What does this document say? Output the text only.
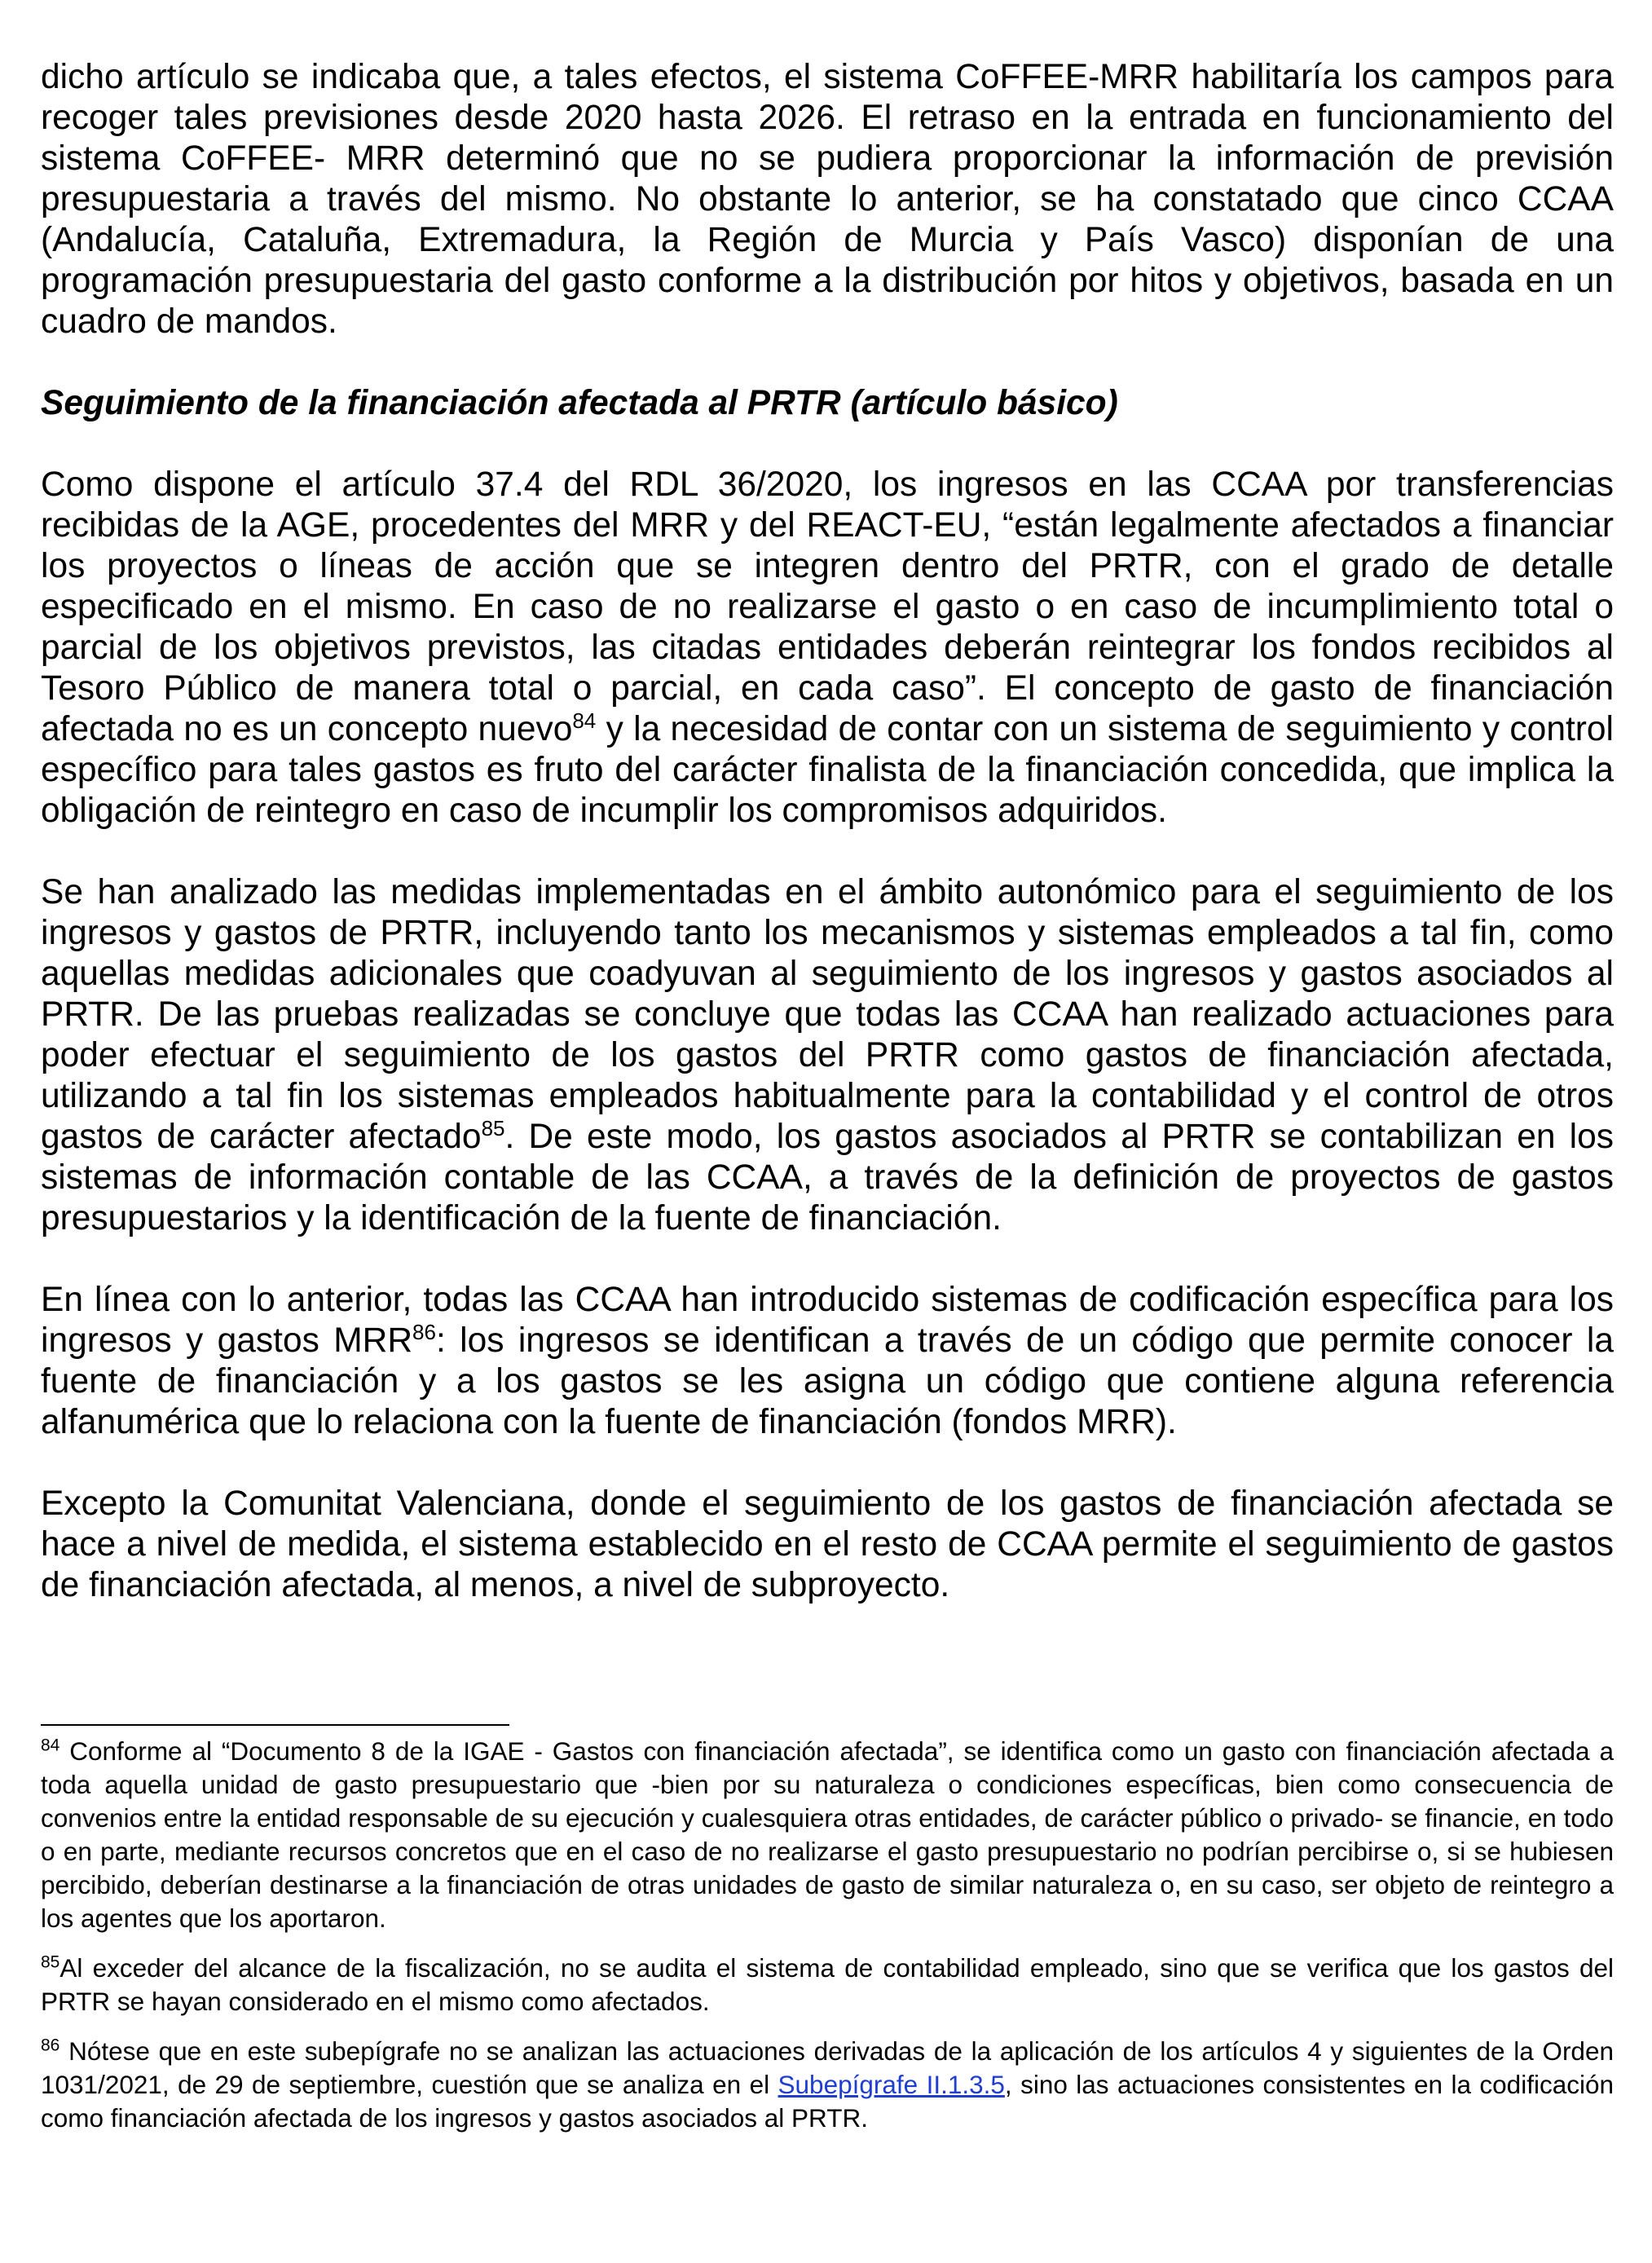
dicho artículo se indicaba que, a tales efectos, el sistema CoFFEE-MRR habilitaría los campos para recoger tales previsiones desde 2020 hasta 2026. El retraso en la entrada en funcionamiento del sistema CoFFEE- MRR determinó que no se pudiera proporcionar la información de previsión presupuestaria a través del mismo. No obstante lo anterior, se ha constatado que cinco CCAA (Andalucía, Cataluña, Extremadura, la Región de Murcia y País Vasco) disponían de una programación presupuestaria del gasto conforme a la distribución por hitos y objetivos, basada en un cuadro de mandos.

Seguimiento de la financiación afectada al PRTR (artículo básico)

Como dispone el artículo 37.4 del RDL 36/2020, los ingresos en las CCAA por transferencias recibidas de la AGE, procedentes del MRR y del REACT-EU, “están legalmente afectados a financiar los proyectos o líneas de acción que se integren dentro del PRTR, con el grado de detalle especificado en el mismo. En caso de no realizarse el gasto o en caso de incumplimiento total o parcial de los objetivos previstos, las citadas entidades deberán reintegrar los fondos recibidos al Tesoro Público de manera total o parcial, en cada caso”. El concepto de gasto de financiación afectada no es un concepto nuevo$^{84}$ y la necesidad de contar con un sistema de seguimiento y control específico para tales gastos es fruto del carácter finalista de la financiación concedida, que implica la obligación de reintegro en caso de incumplir los compromisos adquiridos.

Se han analizado las medidas implementadas en el ámbito autonómico para el seguimiento de los ingresos y gastos de PRTR, incluyendo tanto los mecanismos y sistemas empleados a tal fin, como aquellas medidas adicionales que coadyuvan al seguimiento de los ingresos y gastos asociados al PRTR. De las pruebas realizadas se concluye que todas las CCAA han realizado actuaciones para poder efectuar el seguimiento de los gastos del PRTR como gastos de financiación afectada, utilizando a tal fin los sistemas empleados habitualmente para la contabilidad y el control de otros gastos de carácter afectado$^{85}$. De este modo, los gastos asociados al PRTR se contabilizan en los sistemas de información contable de las CCAA, a través de la definición de proyectos de gastos presupuestarios y la identificación de la fuente de financiación.

En línea con lo anterior, todas las CCAA han introducido sistemas de codificación específica para los ingresos y gastos MRR$^{86}$: los ingresos se identifican a través de un código que permite conocer la fuente de financiación y a los gastos se les asigna un código que contiene alguna referencia alfanumérica que lo relaciona con la fuente de financiación (fondos MRR).

Excepto la Comunitat Valenciana, donde el seguimiento de los gastos de financiación afectada se hace a nivel de medida, el sistema establecido en el resto de CCAA permite el seguimiento de gastos de financiación afectada, al menos, a nivel de subproyecto.

$^{84}$ Conforme al “Documento 8 de la IGAE - Gastos con financiación afectada”, se identifica como un gasto con financiación afectada a toda aquella unidad de gasto presupuestario que -bien por su naturaleza o condiciones específicas, bien como consecuencia de convenios entre la entidad responsable de su ejecución y cualesquiera otras entidades, de carácter público o privado- se financie, en todo o en parte, mediante recursos concretos que en el caso de no realizarse el gasto presupuestario no podrían percibirse o, si se hubiesen percibido, deberían destinarse a la financiación de otras unidades de gasto de similar naturaleza o, en su caso, ser objeto de reintegro a los agentes que los aportaron.

$^{85}$Al exceder del alcance de la fiscalización, no se audita el sistema de contabilidad empleado, sino que se verifica que los gastos del PRTR se hayan considerado en el mismo como afectados.

$^{86}$ Nótese que en este subepígrafe no se analizan las actuaciones derivadas de la aplicación de los artículos 4 y siguientes de la Orden 1031/2021, de 29 de septiembre, cuestión que se analiza en el Subepígrafe II.1.3.5, sino las actuaciones consistentes en la codificación como financiación afectada de los ingresos y gastos asociados al PRTR.
